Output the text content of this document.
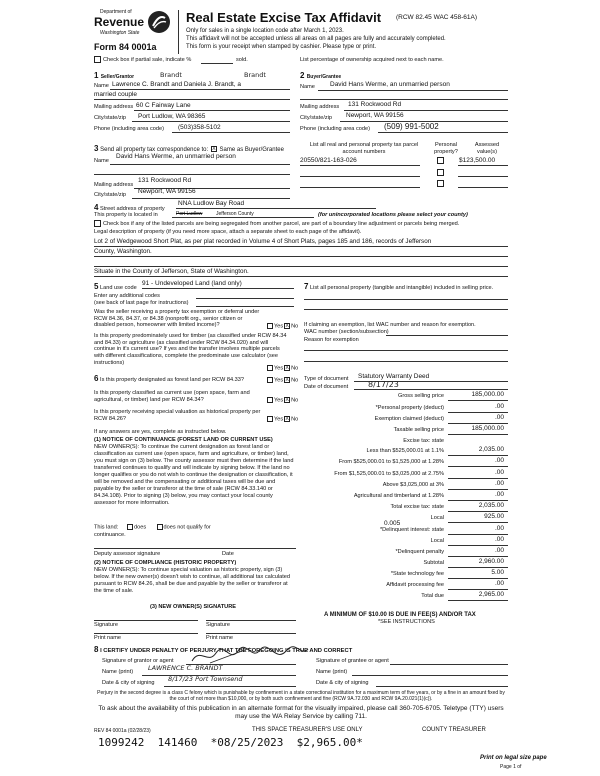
Department of
Revenue
Washington State
Form 84 0001a
Real Estate Excise Tax Affidavit (RCW 82.45 WAC 458-61A)
Only for sales in a single location code after March 1, 2023.
This affidavit will not be accepted unless all areas on all pages are fully and accurately completed.
This form is your receipt when stamped by cashier. Please type or print.
Check box if partial sale, indicate %	sold.	List percentage of ownership acquired next to each name.
1 Seller/Grantor	Brandt	Brandt
Name Lawrence C. Brandt and Daniela J. Brandt, a
married couple
Mailing address 60 C Fairway Lane
City/state/zip Port Ludlow, WA 98365
Phone (including area code) (503)358-5102
2 Buyer/Grantee
Name David Hans Werme, an unmarried person
Mailing address 131 Rockwood Rd
City/state/zip Newport, WA 99156
Phone (including area code) (509) 991-5002
3 Send all property tax correspondence to: X Same as Buyer/Grantee
Name
David Hans Werme, an unmarried person
Mailing address
131 Rockwood Rd
City/state/zip Newport, WA 99156
List all real and personal property tax parcel account numbers
Personal property?
Assessed value(s)
20550/821-163-026	$123,500.00
4 Street address of property
NNA Ludlow Bay Road
This property is located in	Port Ludlow	Jefferson County	(for unincorporated locations please select your county)
Check box if any of the listed parcels are being segregated from another parcel, are part of a boundary line adjustment or parcels being merged.
Legal description of property (if you need more space, attach a separate sheet to each page of the affidavit).
Lot 2 of Wedgewood Short Plat, as per plat recorded in Volume 4 of Short Plats, pages 185 and 186, records of Jefferson
County, Washington.
Situate in the County of Jefferson, State of Washington.
5 Land use code
91 - Undeveloped Land (land only)
Enter any additional codes
(see back of last page for instructions)
Was the seller receiving a property tax exemption or deferral under RCW 84.36, 84.37, or 84.38 (nonprofit org., senior citizen or disabled person, homeowner with limited income)?	Yes X No
Is this property predominately used for timber (as classified under RCW 84.34 and 84.33) or agriculture (as classified under RCW 84.34.020) and will continue in it's current use? If yes and the transfer involves multiple parcels with different classifications, complete the predominate use calculator (see instructions)
Yes X No
6 Is this property designated as forest land per RCW 84.33?	Yes X No
Is this property classified as current use (open space, farm and agricultural, or timber) land per RCW 84.34?	Yes X No
Is this property receiving special valuation as historical property per RCW 84.26?	Yes X No
If any answers are yes, complete as instructed below.
(1) NOTICE OF CONTINUANCE (FOREST LAND OR CURRENT USE)
NEW OWNER(S): To continue the current designation as forest land or classification as current use (open space, farm and agriculture, or timber) land, you must sign on (3) below. The county assessor must then determine if the land transferred continues to qualify and will indicate by signing below. If the land no longer qualifies or you do not wish to continue the designation or classification, it will be removed and the compensating or additional taxes will be due and payable by the seller or transferor at the time of sale (RCW 84.33.140 or 84.34.108). Prior to signing (3) below, you may contact your local county assessor for more information.
This land:	does	does not qualify for
continuance.
Deputy assessor signature	Date
(2) NOTICE OF COMPLIANCE (HISTORIC PROPERTY)
NEW OWNER(S): To continue special valuation as historic property, sign (3) below. If the new owner(s) doesn't wish to continue, all additional tax calculated pursuant to RCW 84.26, shall be due and payable by the seller or transferor at the time of sale.
(3) NEW OWNER(S) SIGNATURE
Signature	Signature
Print name	Print name
7 List all personal property (tangible and intangible) included in selling price.
If claiming an exemption, list WAC number and reason for exemption.
WAC number (section/subsection)
Reason for exemption
Type of document Statutory Warranty Deed
Date of document 8/17/23
Gross selling price	185,000.00
*Personal property (deduct)	.00
Exemption claimed (deduct)	.00
Taxable selling price	185,000.00
Excise tax: state
Less than $525,000.01 at 1.1%	2,035.00
From $525,000.01 to $1,525,000 at 1.28%	.00
From $1,525,000.01 to $3,025,000 at 2.75%	.00
Above $3,025,000 at 3%	.00
Agricultural and timberland at 1.28%	.00
Total excise tax: state	2,035.00
Local	925.00
*Delinquent interest: state	.00
Local	.00
*Delinquent penalty	.00
Subtotal	2,960.00
*State technology fee	5.00
Affidavit processing fee	.00
Total due	2,965.00
0.005
A MINIMUM OF $10.00 IS DUE IN FEE(S) AND/OR TAX
*SEE INSTRUCTIONS
8 I CERTIFY UNDER PENALTY OF PERJURY THAT THE FOREGOING IS TRUE AND CORRECT
Signature of grantor or agent	Signature of grantee or agent
Name (print) LAWRENCE C. BRANDT	Name (print)
Date & city of signing 8/17/23 Port Townsend	Date & city of signing
Perjury in the second degree is a class C felony which is punishable by confinement in a state correctional institution for a maximum term of five years, or by a fine in an amount fixed by the court of not more than $10,000, or by both such confinement and fine (RCW 9A.72.030 and RCW 9A.20.021(1)(c)).
To ask about the availability of this publication in an alternate format for the visually impaired, please call 360-705-6705. Teletype (TTY) users may use the WA Relay Service by calling 711.
REV 84 0001a (02/28/23)	THIS SPACE TREASURER'S USE ONLY	COUNTY TREASURER
1099242  141460  *08/25/2023  $2,965.00*
Print on legal size pape
Page 1 of
